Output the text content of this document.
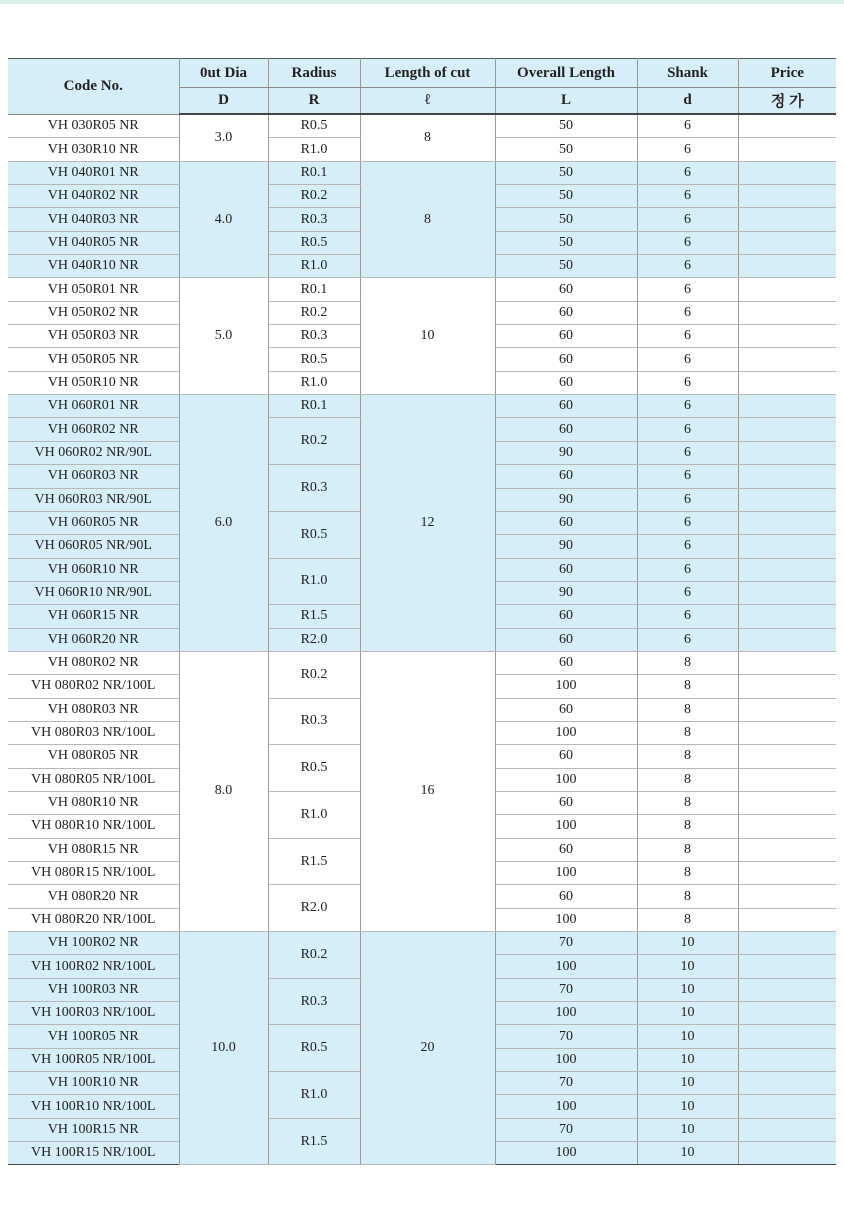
Code No.	0ut Dia	Radius	Length of cut	Overall Length	Shank	Price
	D	R	ℓ	L	d	정 가
VH 030R05 NR	3.0	R0.5	8	50	6	
VH 030R10 NR		R1.0		50	6	
VH 040R01 NR	4.0	R0.1	8	50	6	
VH 040R02 NR		R0.2		50	6	
VH 040R03 NR		R0.3		50	6	
VH 040R05 NR		R0.5		50	6	
VH 040R10 NR		R1.0		50	6	
VH 050R01 NR	5.0	R0.1	10	60	6	
VH 050R02 NR		R0.2		60	6	
VH 050R03 NR		R0.3		60	6	
VH 050R05 NR		R0.5		60	6	
VH 050R10 NR		R1.0		60	6	
VH 060R01 NR	6.0	R0.1	12	60	6	
VH 060R02 NR		R0.2		60	6	
VH 060R02 NR/90L				90	6	
VH 060R03 NR		R0.3		60	6	
VH 060R03 NR/90L				90	6	
VH 060R05 NR		R0.5		60	6	
VH 060R05 NR/90L				90	6	
VH 060R10 NR		R1.0		60	6	
VH 060R10 NR/90L				90	6	
VH 060R15 NR		R1.5		60	6	
VH 060R20 NR		R2.0		60	6	
VH 080R02 NR	8.0	R0.2	16	60	8	
VH 080R02 NR/100L				100	8	
VH 080R03 NR		R0.3		60	8	
VH 080R03 NR/100L				100	8	
VH 080R05 NR		R0.5		60	8	
VH 080R05 NR/100L				100	8	
VH 080R10 NR		R1.0		60	8	
VH 080R10 NR/100L				100	8	
VH 080R15 NR		R1.5		60	8	
VH 080R15 NR/100L				100	8	
VH 080R20 NR		R2.0		60	8	
VH 080R20 NR/100L				100	8	
VH 100R02 NR	10.0	R0.2	20	70	10	
VH 100R02 NR/100L				100	10	
VH 100R03 NR		R0.3		70	10	
VH 100R03 NR/100L				100	10	
VH 100R05 NR		R0.5		70	10	
VH 100R05 NR/100L				100	10	
VH 100R10 NR		R1.0		70	10	
VH 100R10 NR/100L				100	10	
VH 100R15 NR		R1.5		70	10	
VH 100R15 NR/100L				100	10	
